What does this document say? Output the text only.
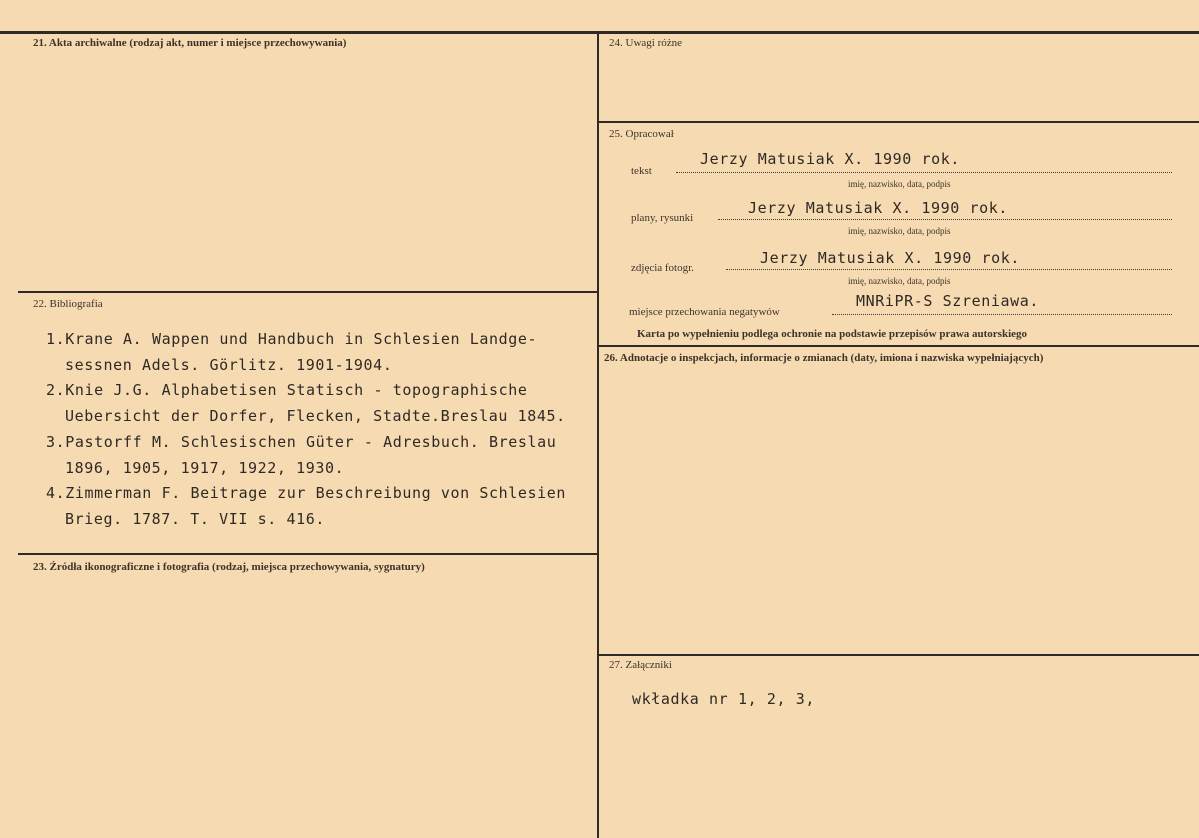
21. Akta archiwalne (rodzaj akt, numer i miejsce przechowywania)
22. Bibliografia
1.Krane A. Wappen und Handbuch in Schlesien Landge-
sessnen Adels. Görlitz. 1901-1904.
2.Knie J.G. Alphabetisen Statisch - topographische
Uebersicht der Dorfer, Flecken, Stadte.Breslau 1845.
3.Pastorff M. Schlesischen Güter - Adresbuch. Breslau
1896, 1905, 1917, 1922, 1930.
4.Zimmerman F. Beitrage zur Beschreibung von Schlesien
Brieg. 1787. T. VII s. 416.
23. Źródła ikonograficzne i fotografia (rodzaj, miejsca przechowywania, sygnatury)
24. Uwagi różne
25. Opracował
tekst
Jerzy Matusiak X. 1990 rok.
imię, nazwisko, data, podpis
plany, rysunki
Jerzy Matusiak X. 1990 rok.
imię, nazwisko, data, podpis
zdjęcia fotogr.
Jerzy Matusiak X. 1990 rok.
imię, nazwisko, data, podpis
miejsce przechowania negatywów
MNRiPR-S Szreniawa.
Karta po wypełnieniu podlega ochronie na podstawie przepisów prawa autorskiego
26. Adnotacje o inspekcjach, informacje o zmianach (daty, imiona i nazwiska wypełniających)
27. Załączniki
wkładka nr 1, 2, 3,
